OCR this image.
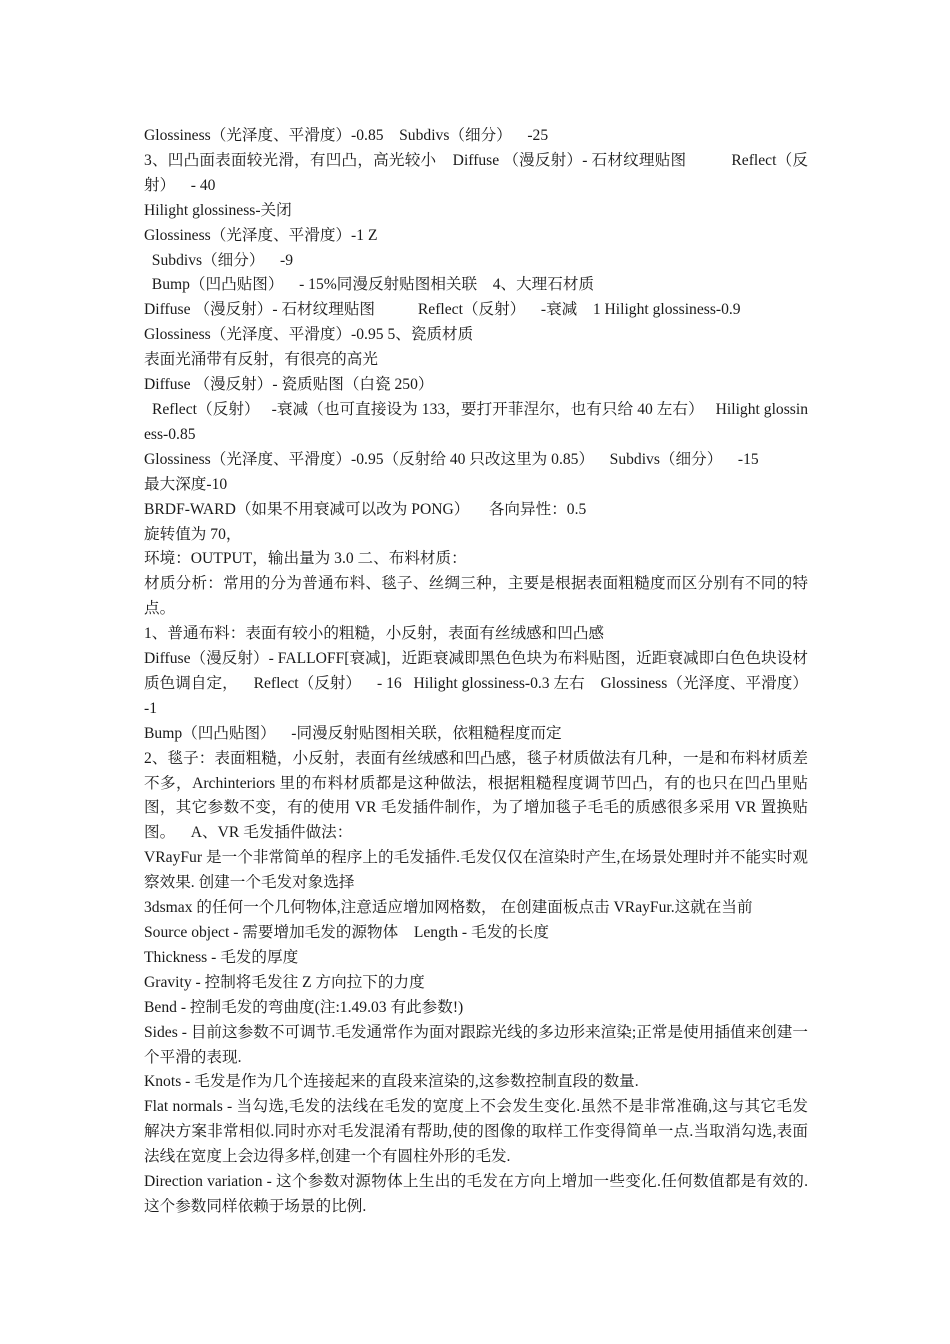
Glossiness（光泽度、平滑度）-0.85    Subdivs（细分）    -25
3、凹凸面表面较光滑，有凹凸，高光较小    Diffuse （漫反射）- 石材纹理贴图           Reflect（反射）    - 40
Hilight glossiness-关闭
Glossiness（光泽度、平滑度）-1 Z
Subdivs（细分）    -9
Bump（凹凸贴图）    - 15%同漫反射贴图相关联    4、大理石材质
Diffuse （漫反射）- 石材纹理贴图           Reflect（反射）    -衰减    1 Hilight glossiness-0.9
Glossiness（光泽度、平滑度）-0.95 5、瓷质材质
表面光涌带有反射，有很亮的高光
Diffuse （漫反射）- 瓷质贴图（白瓷 250）
Reflect（反射）   -衰减（也可直接设为 133，要打开菲涅尔，也有只给 40 左右）   Hilight glossiness-0.85
Glossiness（光泽度、平滑度）-0.95（反射给 40 只改这里为 0.85）    Subdivs（细分）    -15
最大深度-10
BRDF-WARD（如果不用衰减可以改为 PONG）     各向异性：0.5
旋转值为 70，
环境：OUTPUT，输出量为 3.0 二、布料材质：
材质分析：常用的分为普通布料、毯子、丝绸三种，主要是根据表面粗糙度而区分别有不同的特点。
1、普通布料：表面有较小的粗糙，小反射，表面有丝绒感和凹凸感
Diffuse（漫反射）- FALLOFF[衰减]，近距衰减即黑色色块为布料贴图，近距衰减即白色色块设材质色调自定，    Reflect（反射）    - 16   Hilight glossiness-0.3 左右    Glossiness（光泽度、平滑度）-1
Bump（凹凸贴图）    -同漫反射贴图相关联，依粗糙程度而定
2、毯子：表面粗糙，小反射，表面有丝绒感和凹凸感，毯子材质做法有几种，一是和布料材质差不多，Archinteriors 里的布料材质都是这种做法，根据粗糙程度调节凹凸，有的也只在凹凸里贴图，其它参数不变，有的使用 VR 毛发插件制作，为了增加毯子毛毛的质感很多采用 VR 置换贴图。    A、VR 毛发插件做法：
VRayFur 是一个非常简单的程序上的毛发插件.毛发仅仅在渲染时产生,在场景处理时并不能实时观察效果. 创建一个毛发对象选择
3dsmax 的任何一个几何物体,注意适应增加网格数， 在创建面板点击 VRayFur.这就在当前
Source object - 需要增加毛发的源物体    Length - 毛发的长度
Thickness - 毛发的厚度
Gravity - 控制将毛发往 Z 方向拉下的力度
Bend - 控制毛发的弯曲度(注:1.49.03 有此参数!)
Sides - 目前这参数不可调节.毛发通常作为面对跟踪光线的多边形来渲染;正常是使用插值来创建一个平滑的表现.
Knots - 毛发是作为几个连接起来的直段来渲染的,这参数控制直段的数量.
Flat normals - 当勾选,毛发的法线在毛发的宽度上不会发生变化.虽然不是非常准确,这与其它毛发解决方案非常相似.同时亦对毛发混淆有帮助,使的图像的取样工作变得简单一点.当取消勾选,表面法线在宽度上会边得多样,创建一个有圆柱外形的毛发.
Direction variation - 这个参数对源物体上生出的毛发在方向上增加一些变化.任何数值都是有效的.这个参数同样依赖于场景的比例.
